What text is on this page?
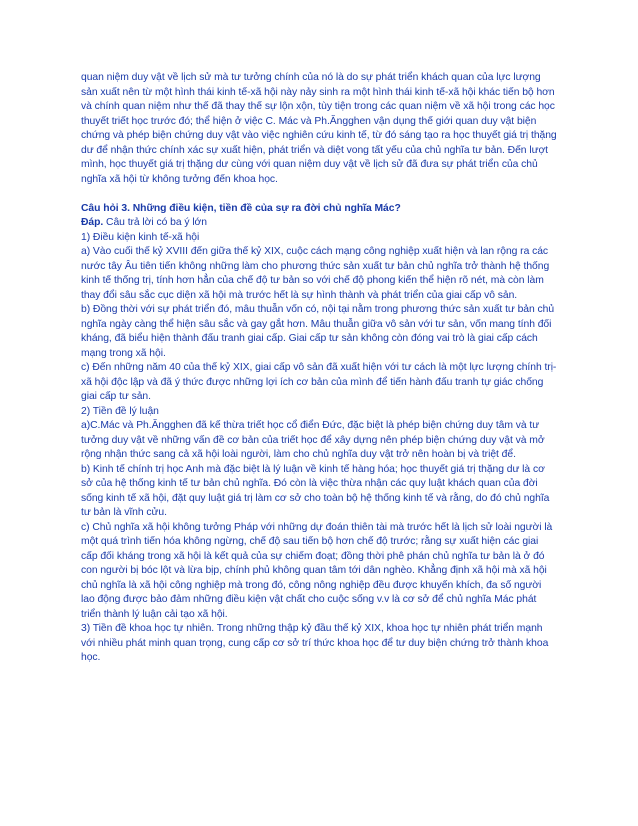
quan niệm duy vật về lịch sử mà tư tưởng chính của nó là do sự phát triển khách quan của lực lượng sản xuất nên từ một hình thái kinh tế-xã hội này nảy sinh ra một hình thái kinh tế-xã hội khác tiến bộ hơn và chính quan niệm như thế đã thay thế sự lộn xộn, tùy tiện trong các quan niệm về xã hội trong các học thuyết triết học trước đó; thể hiện ở việc C. Mác và Ph.Ăngghen vận dụng thế giới quan duy vật biện chứng và phép biện chứng duy vật vào việc nghiên cứu kinh tế, từ đó sáng tạo ra học thuyết giá trị thặng dư để nhận thức chính xác sự xuất hiện, phát triển và diệt vong tất yếu của chủ nghĩa tư bản. Đến lượt mình, học thuyết giá trị thặng dư cùng với quan niệm duy vật về lịch sử đã đưa sự phát triển của chủ nghĩa xã hội từ không tưởng đến khoa học.

Câu hỏi 3. Những điều kiện, tiền đề của sự ra đời chủ nghĩa Mác?

Đáp. Câu trả lời có ba ý lớn

1) Điều kiện kinh tế-xã hội

a) Vào cuối thế kỷ XVIII đến giữa thế kỷ XIX, cuộc cách mạng công nghiệp xuất hiện và lan rộng ra các nước tây Âu tiên tiến không những làm cho phương thức sản xuất tư bản chủ nghĩa trở thành hệ thống kinh tế thống trị, tính hơn hẳn của chế độ tư bản so với chế độ phong kiến thể hiện rõ nét, mà còn làm thay đổi sâu sắc cục diện xã hội mà trước hết là sự hình thành và phát triển của giai cấp vô sản.

b) Đồng thời với sự phát triển đó, mâu thuẫn vốn có, nội tại nằm trong phương thức sản xuất tư bản chủ nghĩa ngày càng thể hiện sâu sắc và gay gắt hơn. Mâu thuẫn giữa vô sản với tư sản, vốn mang tính đối kháng, đã biểu hiện thành đấu tranh giai cấp. Giai cấp tư sản không còn đóng vai trò là giai cấp cách mạng trong xã hội.

c) Đến những năm 40 của thế kỷ XIX, giai cấp vô sản đã xuất hiện với tư cách là một lực lượng chính trị-xã hội độc lập và đã ý thức được những lợi ích cơ bản của mình để tiến hành đấu tranh tự giác chống giai cấp tư sản.

2) Tiền đề lý luận

a)C.Mác và Ph.Ăngghen đã kế thừa triết học cổ điển Đức, đặc biệt là phép biện chứng duy tâm và tư tưởng duy vật về những vấn đề cơ bản của triết học để xây dựng nên phép biện chứng duy vật và mở rộng nhận thức sang cả xã hội loài người, làm cho chủ nghĩa duy vật trở nên hoàn bị và triệt để.

b) Kinh tế chính trị học Anh mà đặc biệt là lý luận về kinh tế hàng hóa; học thuyết giá trị thặng dư là cơ sở của hệ thống kinh tế tư bản chủ nghĩa. Đó còn là việc thừa nhận các quy luật khách quan của đời sống kinh tế xã hội, đặt quy luật giá trị làm cơ sở cho toàn bộ hệ thống kinh tế và rằng, do đó chủ nghĩa tư bản là vĩnh cửu.

c) Chủ nghĩa xã hội không tưởng Pháp với những dự đoán thiên tài mà trước hết là lịch sử loài người là một quá trình tiến hóa không ngừng, chế độ sau tiến bộ hơn chế độ trước; rằng sự xuất hiện các giai cấp đối kháng trong xã hội là kết quả của sự chiếm đoạt; đồng thời phê phán chủ nghĩa tư bản là ở đó con người bị bóc lột và lừa bịp, chính phủ không quan tâm tới dân nghèo. Khẳng định xã hội mà xã hội chủ nghĩa là xã hội công nghiệp mà trong đó, công nông nghiệp đều được khuyến khích, đa số người lao động được bảo đảm những điều kiện vật chất cho cuộc sống v.v là cơ sở để chủ nghĩa Mác phát triển thành lý luận cải tạo xã hội.

3) Tiền đề khoa học tự nhiên. Trong những thập kỷ đầu thế kỷ XIX, khoa học tự nhiên phát triển mạnh với nhiều phát minh quan trọng, cung cấp cơ sở trí thức khoa học để tư duy biện chứng trở thành khoa học.
